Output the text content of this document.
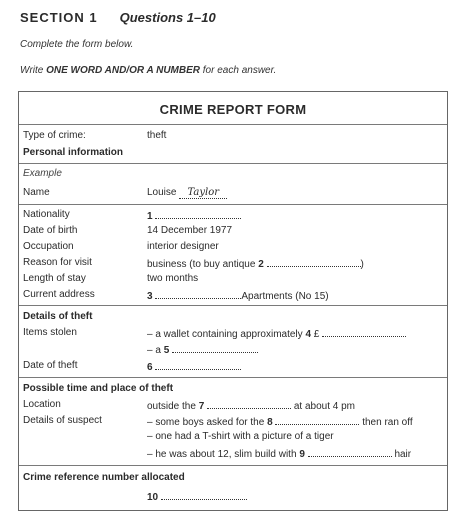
SECTION 1 Questions 1–10
Complete the form below.
Write ONE WORD AND/OR A NUMBER for each answer.
CRIME REPORT FORM
Type of crime:	theft
Personal information
Example
Name	Louise Taylor
Nationality	1
Date of birth	14 December 1977
Occupation	interior designer
Reason for visit	business (to buy antique 2	)
Length of stay	two months
Current address	3	Apartments (No 15)
Details of theft
Items stolen	– a wallet containing approximately 4 £
– a 5
Date of theft	6
Possible time and place of theft
Location	outside the 7	at about 4 pm
Details of suspect	– some boys asked for the 8	then ran off
– one had a T-shirt with a picture of a tiger
– he was about 12, slim build with 9	hair
Crime reference number allocated
10
